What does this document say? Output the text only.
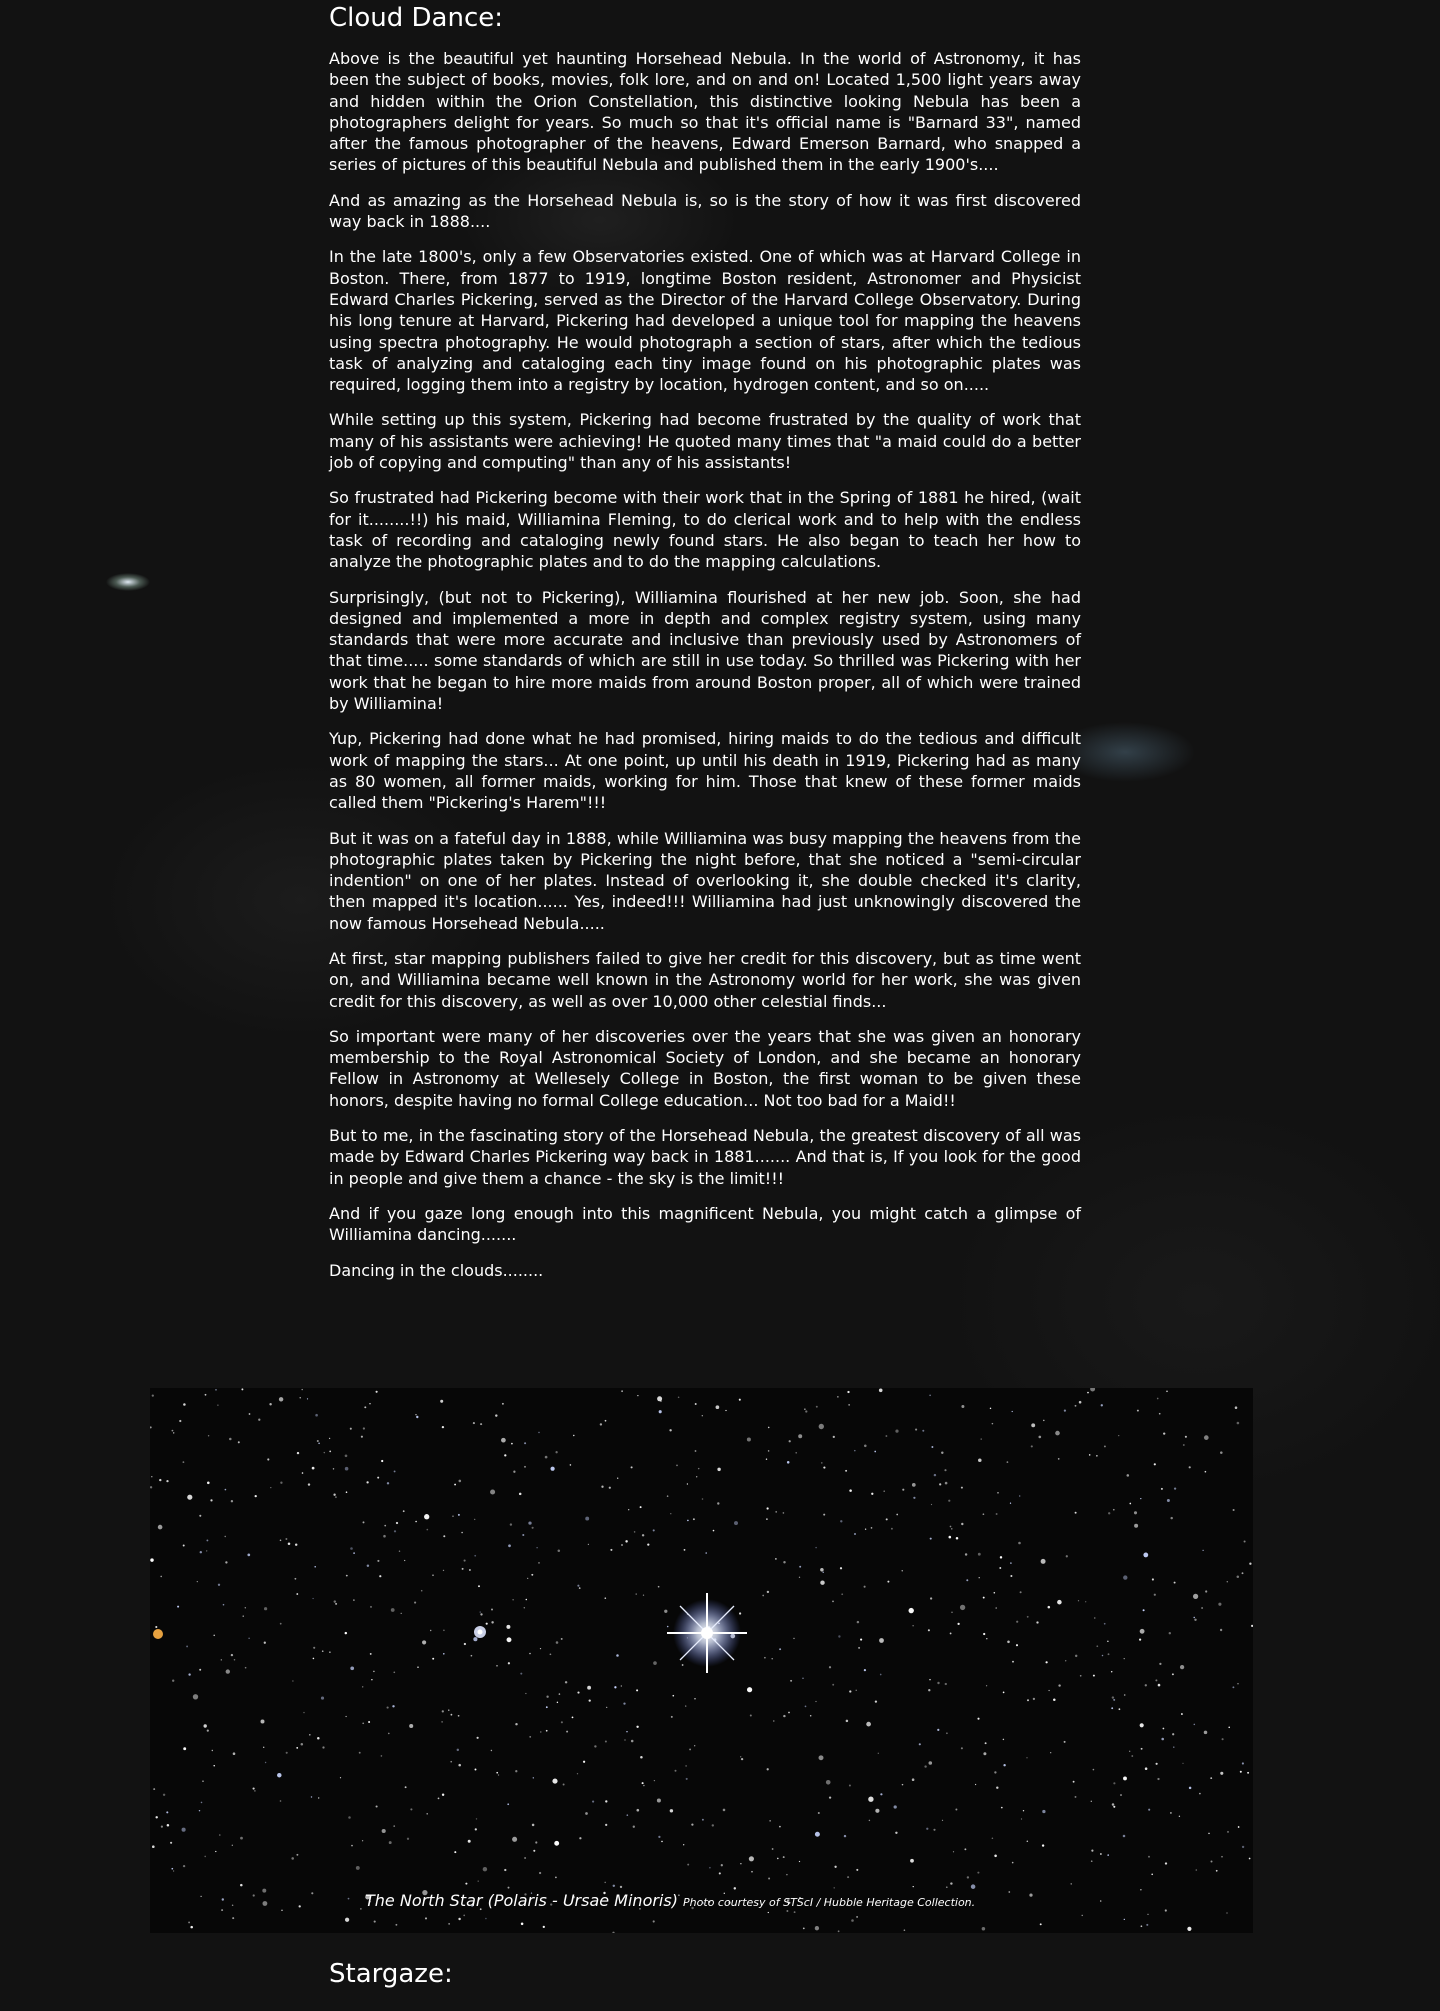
Cloud Dance:

Above is the beautiful yet haunting Horsehead Nebula. In the world of Astronomy, it has been the subject of books, movies, folk lore, and on and on! Located 1,500 light years away and hidden within the Orion Constellation, this distinctive looking Nebula has been a photographers delight for years. So much so that it's official name is "Barnard 33", named after the famous photographer of the heavens, Edward Emerson Barnard, who snapped a series of pictures of this beautiful Nebula and published them in the early 1900's....

And as amazing as the Horsehead Nebula is, so is the story of how it was first discovered way back in 1888....

In the late 1800's, only a few Observatories existed. One of which was at Harvard College in Boston. There, from 1877 to 1919, longtime Boston resident, Astronomer and Physicist Edward Charles Pickering, served as the Director of the Harvard College Observatory. During his long tenure at Harvard, Pickering had developed a unique tool for mapping the heavens using spectra photography. He would photograph a section of stars, after which the tedious task of analyzing and cataloging each tiny image found on his photographic plates was required, logging them into a registry by location, hydrogen content, and so on.....

While setting up this system, Pickering had become frustrated by the quality of work that many of his assistants were achieving! He quoted many times that "a maid could do a better job of copying and computing" than any of his assistants!

So frustrated had Pickering become with their work that in the Spring of 1881 he hired, (wait for it........!!) his maid, Williamina Fleming, to do clerical work and to help with the endless task of recording and cataloging newly found stars. He also began to teach her how to analyze the photographic plates and to do the mapping calculations.

Surprisingly, (but not to Pickering), Williamina flourished at her new job. Soon, she had designed and implemented a more in depth and complex registry system, using many standards that were more accurate and inclusive than previously used by Astronomers of that time..... some standards of which are still in use today. So thrilled was Pickering with her work that he began to hire more maids from around Boston proper, all of which were trained by Williamina!

Yup, Pickering had done what he had promised, hiring maids to do the tedious and difficult work of mapping the stars... At one point, up until his death in 1919, Pickering had as many as 80 women, all former maids, working for him. Those that knew of these former maids called them "Pickering's Harem"!!!

But it was on a fateful day in 1888, while Williamina was busy mapping the heavens from the photographic plates taken by Pickering the night before, that she noticed a "semi-circular indention" on one of her plates. Instead of overlooking it, she double checked it's clarity, then mapped it's location...... Yes, indeed!!! Williamina had just unknowingly discovered the now famous Horsehead Nebula.....

At first, star mapping publishers failed to give her credit for this discovery, but as time went on, and Williamina became well known in the Astronomy world for her work, she was given credit for this discovery, as well as over 10,000 other celestial finds...

So important were many of her discoveries over the years that she was given an honorary membership to the Royal Astronomical Society of London, and she became an honorary Fellow in Astronomy at Wellesely College in Boston, the first woman to be given these honors, despite having no formal College education... Not too bad for a Maid!!

But to me, in the fascinating story of the Horsehead Nebula, the greatest discovery of all was made by Edward Charles Pickering way back in 1881....... And that is, If you look for the good in people and give them a chance - the sky is the limit!!!

And if you gaze long enough into this magnificent Nebula, you might catch a glimpse of Williamina dancing.......

Dancing in the clouds........

The North Star (Polaris - Ursae Minoris) Photo courtesy of STScI / Hubble Heritage Collection.
Stargaze:
